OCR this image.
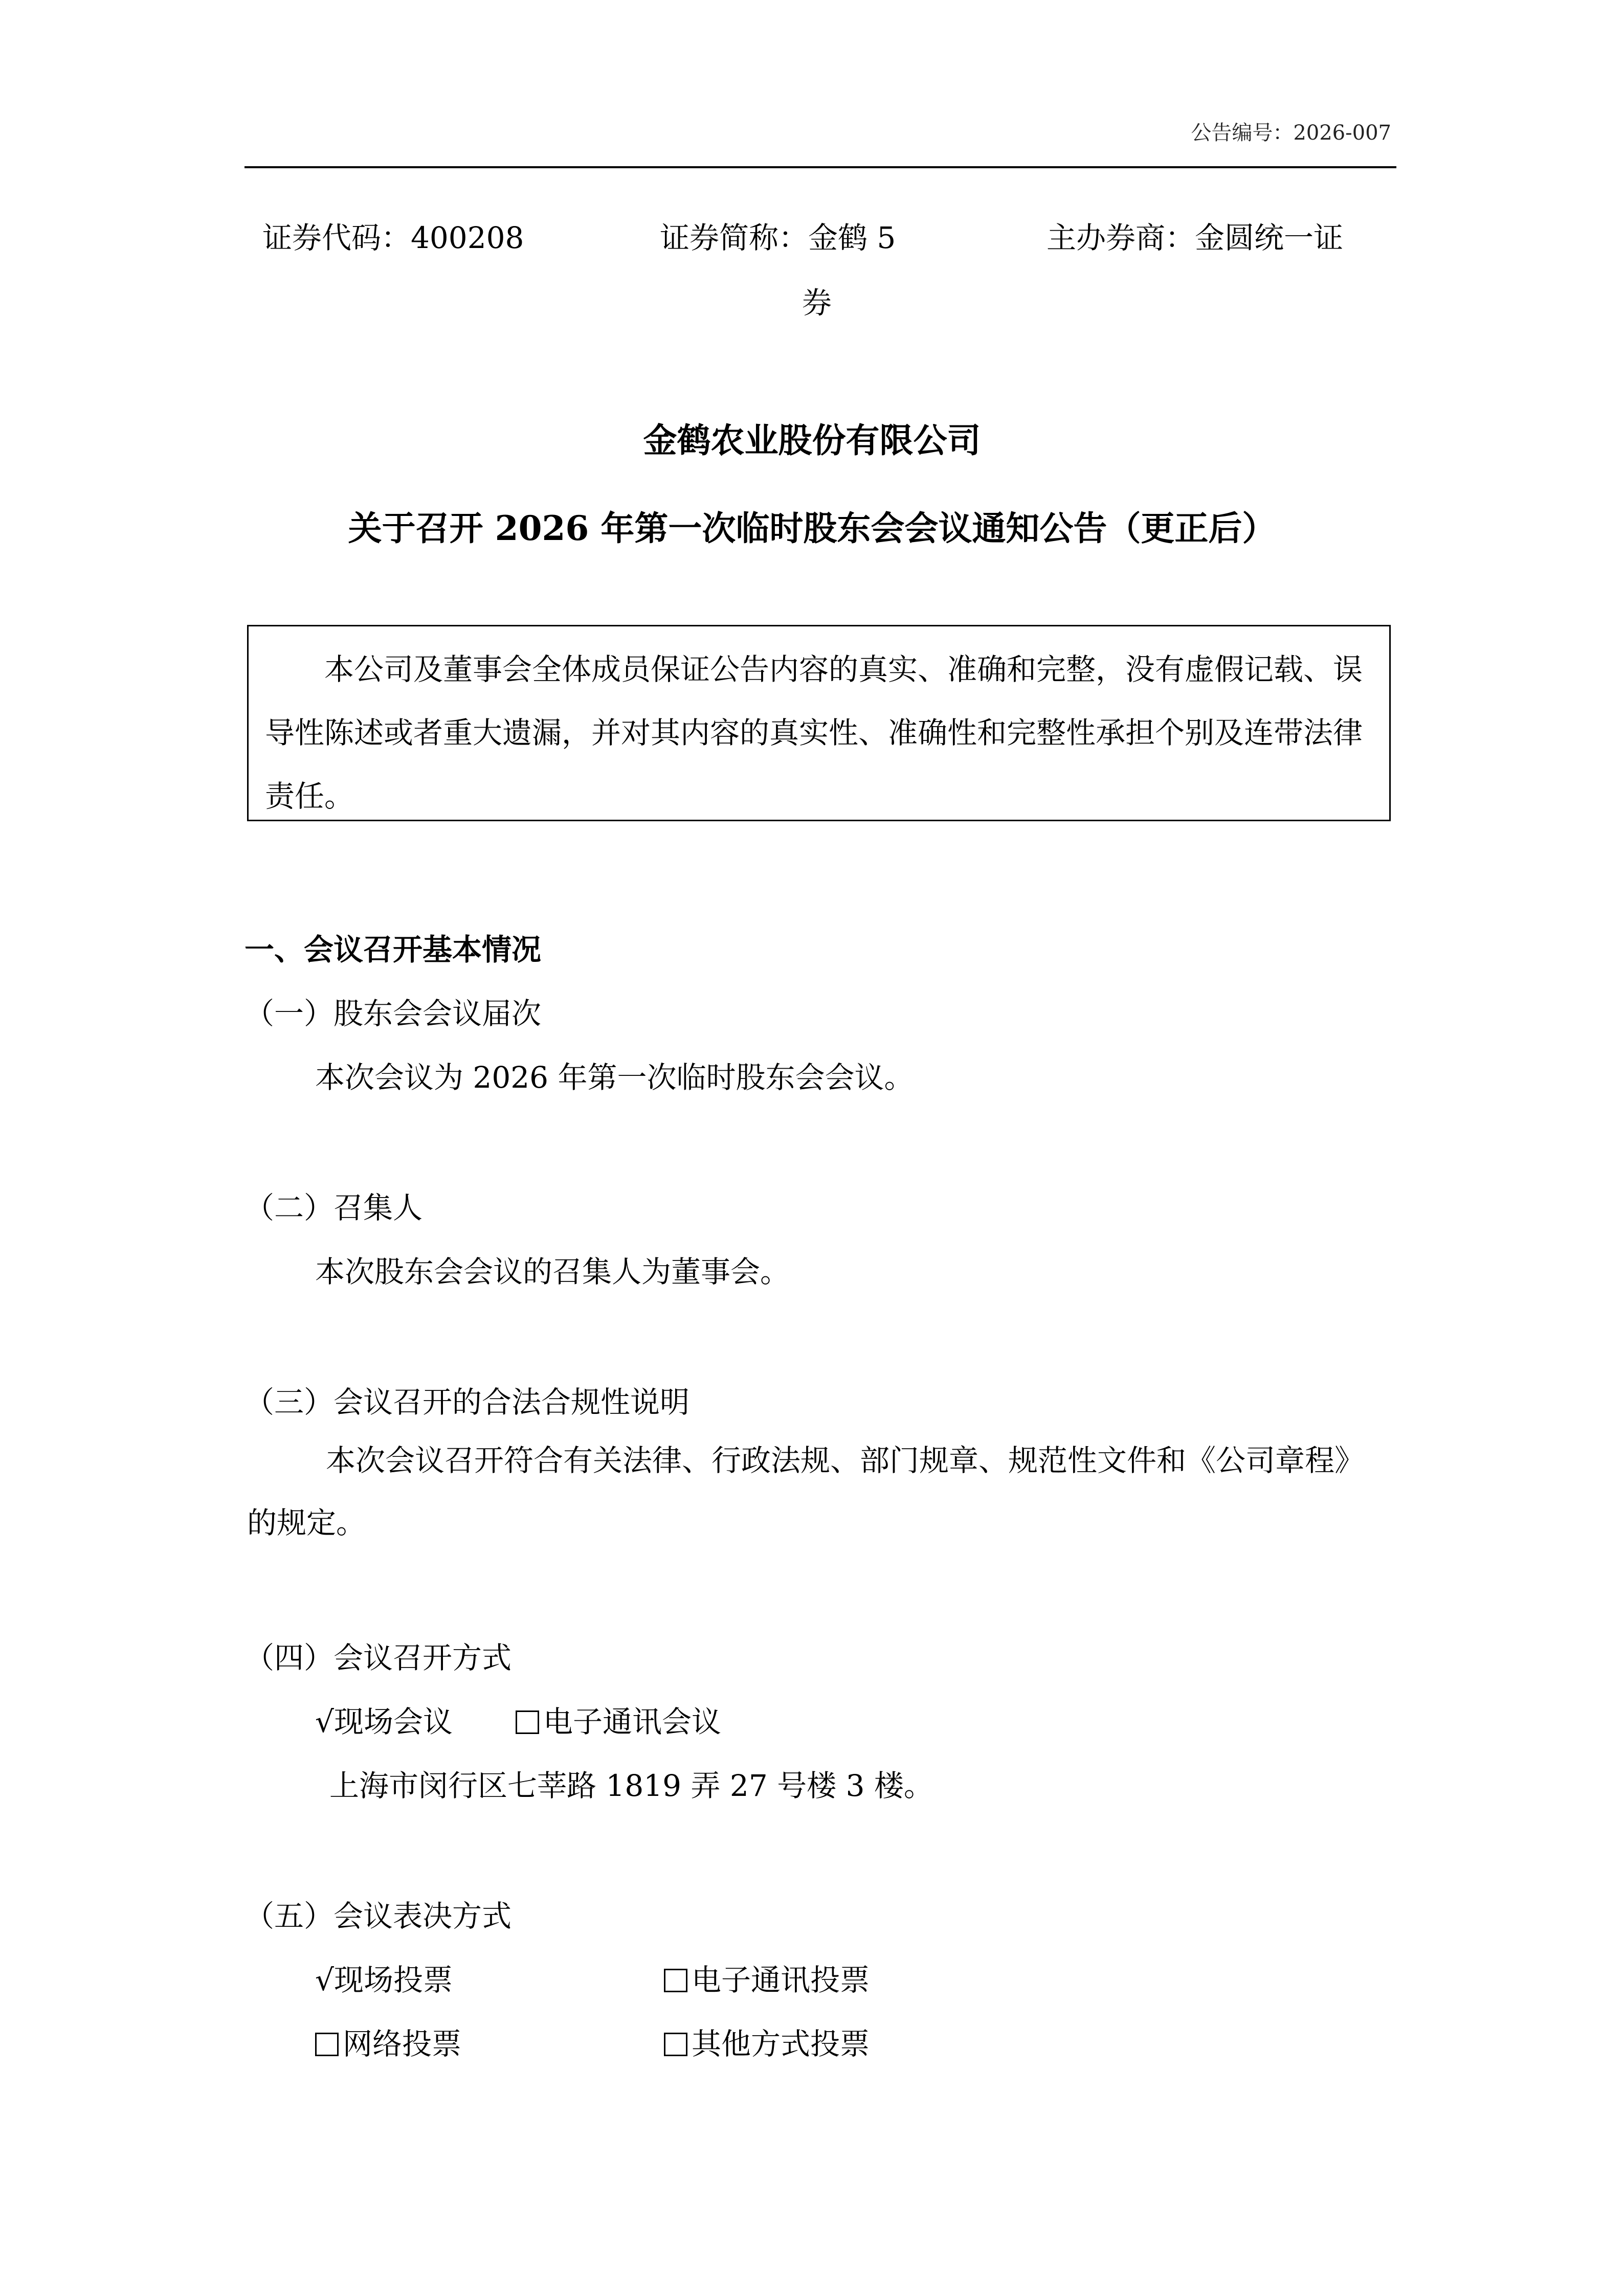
公告编号：2026-007
证券代码：400208	证券简称：金鹤 5
券
主办券商：金圆统一证
金鹤农业股份有限公司
关于召开 2026 年第一次临时股东会会议通知公告（更正后）

本公司及董事会全体成员保证公告内容的真实、准确和完整，没有虚假记载、误导性陈述或者重大遗漏，并对其内容的真实性、准确性和完整性承担个别及连带法律责任。

一、会议召开基本情况
（一）股东会会议届次
本次会议为 2026 年第一次临时股东会会议。
（二）召集人
本次股东会会议的召集人为董事会。
（三）会议召开的合法合规性说明
本次会议召开符合有关法律、行政法规、部门规章、规范性文件和《公司章程》的规定。
（四）会议召开方式
√现场会议	电子通讯会议
上海市闵行区七莘路 1819 弄 27 号楼 3 楼。
（五）会议表决方式
√现场投票	电子通讯投票
网络投票	其他方式投票
